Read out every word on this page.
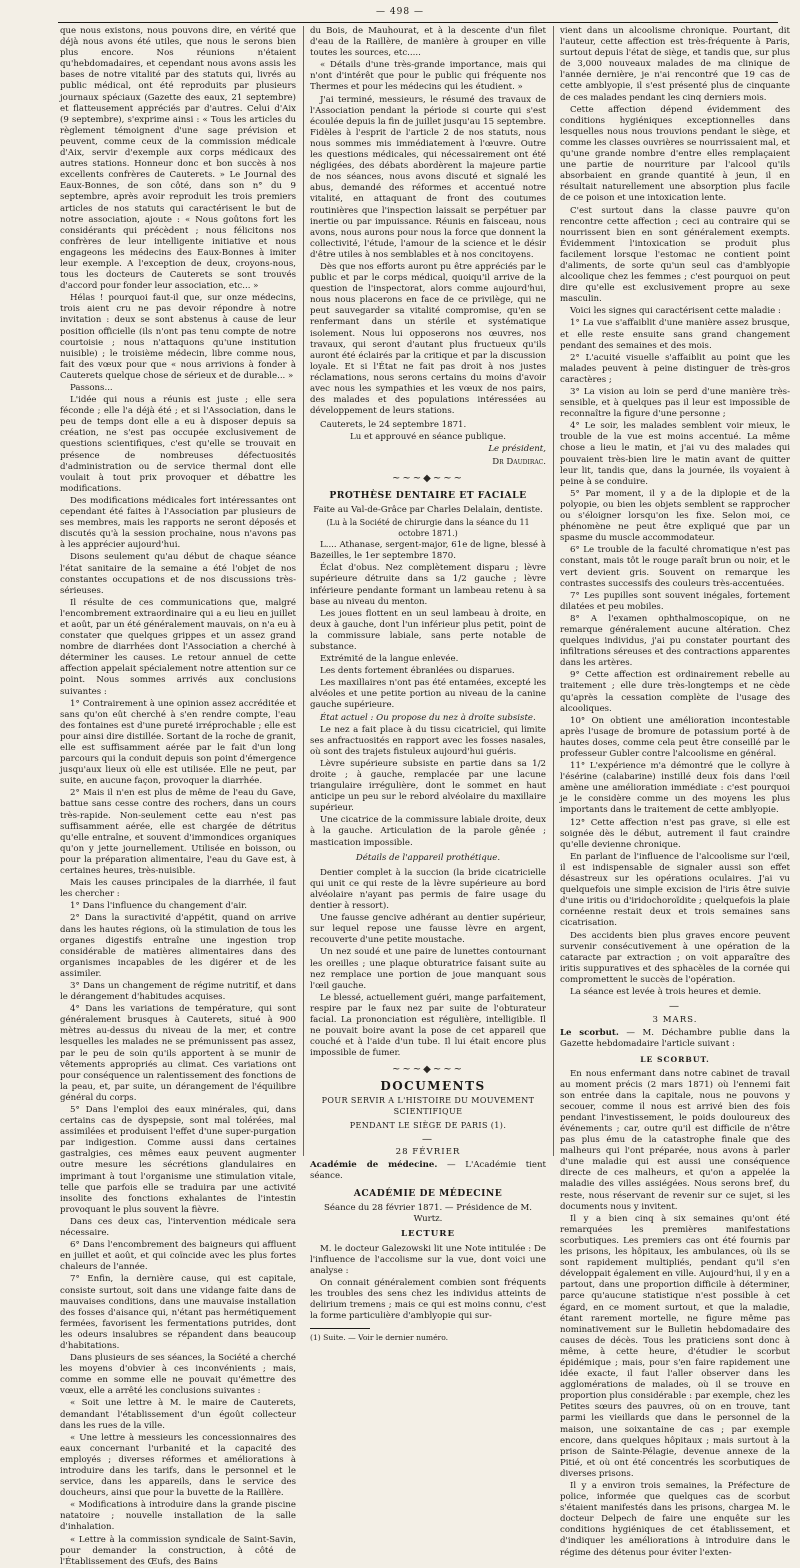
— 498 —

que nous existons, nous pouvons dire, en vérité que déjà nous avons été utiles, que nous le serons bien plus encore. Nos réunions n'étaient qu'hebdomadaires, et cependant nous avons assis les bases de notre vitalité par des statuts qui, livrés au public médical, ont été reproduits par plusieurs journaux spéciaux (Gazette des eaux, 21 septembre) et flatteusement appréciés par d'autres. Celui d'Aix (9 septembre), s'exprime ainsi : « Tous les articles du règlement témoignent d'une sage prévision et peuvent, comme ceux de la commission médicale d'Aix, servir d'exemple aux corps médicaux des autres stations. Honneur donc et bon succès à nos excellents confrères de Cauterets. » Le Journal des Eaux-Bonnes, de son côté, dans son n° du 9 septembre, après avoir reproduit les trois premiers articles de nos statuts qui caractérisent le but de notre association, ajoute : « Nous goûtons fort les considérants qui précèdent ; nous félicitons nos confrères de leur intelligente initiative et nous engageons les médecins des Eaux-Bonnes à imiter leur exemple. A l'exception de deux, croyons-nous, tous les docteurs de Cauterets se sont trouvés d'accord pour fonder leur association, etc... »

Hélas ! pourquoi faut-il que, sur onze médecins, trois aient cru ne pas devoir répondre à notre invitation : deux se sont abstenus à cause de leur position officielle (ils n'ont pas tenu compte de notre courtoisie ; nous n'attaquons qu'une institution nuisible) ; le troisième médecin, libre comme nous, fait des vœux pour que « nous arrivions à fonder à Cauterets quelque chose de sérieux et de durable... »

Passons...

L'idée qui nous a réunis est juste ; elle sera féconde ; elle l'a déjà été ; et si l'Association, dans le peu de temps dont elle a eu à disposer depuis sa création, ne s'est pas occupée exclusivement de questions scientifiques, c'est qu'elle se trouvait en présence de nombreuses défectuosités d'administration ou de service thermal dont elle voulait à tout prix provoquer et débattre les modifications.

Des modifications médicales fort intéressantes ont cependant été faites à l'Association par plusieurs de ses membres, mais les rapports ne seront déposés et discutés qu'à la session prochaine, nous n'avons pas à les apprécier aujourd'hui.

Disons seulement qu'au début de chaque séance l'état sanitaire de la semaine a été l'objet de nos constantes occupations et de nos discussions très-sérieuses.

Il résulte de ces communications que, malgré l'encombrement extraordinaire qui a eu lieu en juillet et août, par un été généralement mauvais, on n'a eu à constater que quelques grippes et un assez grand nombre de diarrhées dont l'Association a cherché à déterminer les causes. Le retour annuel de cette affection appelait spécialement notre attention sur ce point. Nous sommes arrivés aux conclusions suivantes :

1° Contrairement à une opinion assez accréditée et sans qu'on eût cherché à s'en rendre compte, l'eau des fontaines est d'une pureté irréprochable ; elle est pour ainsi dire distillée. Sortant de la roche de granit, elle est suffisamment aérée par le fait d'un long parcours qui la conduit depuis son point d'émergence jusqu'aux lieux où elle est utilisée. Elle ne peut, par suite, en aucune façon, provoquer la diarrhée.

2° Mais il n'en est plus de même de l'eau du Gave, battue sans cesse contre des rochers, dans un cours très-rapide. Non-seulement cette eau n'est pas suffisamment aérée, elle est chargée de détritus qu'elle entraîne, et souvent d'immondices organiques qu'on y jette journellement. Utilisée en boisson, ou pour la préparation alimentaire, l'eau du Gave est, à certaines heures, très-nuisible.

Mais les causes principales de la diarrhée, il faut les chercher :

1° Dans l'influence du changement d'air.

2° Dans la suractivité d'appétit, quand on arrive dans les hautes régions, où la stimulation de tous les organes digestifs entraîne une ingestion trop considérable de matières alimentaires dans des organismes incapables de les digérer et de les assimiler.

3° Dans un changement de régime nutritif, et dans le dérangement d'habitudes acquises.

4° Dans les variations de température, qui sont généralement brusques à Cauterets, situé à 900 mètres au-dessus du niveau de la mer, et contre lesquelles les malades ne se prémunissent pas assez, par le peu de soin qu'ils apportent à se munir de vêtements appropriés au climat. Ces variations ont pour conséquence un ralentissement des fonctions de la peau, et, par suite, un dérangement de l'équilibre général du corps.

5° Dans l'emploi des eaux minérales, qui, dans certains cas de dyspepsie, sont mal tolérées, mal assimilées et produisent l'effet d'une super-purgation par indigestion. Comme aussi dans certaines gastralgies, ces mêmes eaux peuvent augmenter outre mesure les sécrétions glandulaires en imprimant à tout l'organisme une stimulation vitale, telle que parfois elle se traduira par une activité insolite des fonctions exhalantes de l'intestin provoquant le plus souvent la fièvre.

Dans ces deux cas, l'intervention médicale sera nécessaire.

6° Dans l'encombrement des baigneurs qui affluent en juillet et août, et qui coïncide avec les plus fortes chaleurs de l'année.

7° Enfin, la dernière cause, qui est capitale, consiste surtout, soit dans une vidange faite dans de mauvaises conditions, dans une mauvaise installation des fosses d'aisance qui, n'étant pas hermétiquement fermées, favorisent les fermentations putrides, dont les odeurs insalubres se répandent dans beaucoup d'habitations.

Dans plusieurs de ses séances, la Société a cherché les moyens d'obvier à ces inconvénients ; mais, comme en somme elle ne pouvait qu'émettre des vœux, elle a arrêté les conclusions suivantes :

« Soit une lettre à M. le maire de Cauterets, demandant l'établissement d'un égoût collecteur dans les rues de la ville.

« Une lettre à messieurs les concessionnaires des eaux concernant l'urbanité et la capacité des employés ; diverses réformes et améliorations à introduire dans les tarifs, dans le personnel et le service, dans les appareils, dans le service des doucheurs, ainsi que pour la buvette de la Raillère.

« Modifications à introduire dans la grande piscine natatoire ; nouvelle installation de la salle d'inhalation.

« Lettre à la commission syndicale de Saint-Savin, pour demander la construction, à côté de l'Établissement des Œufs, des Bains

du Bois, de Mauhourat, et à la descente d'un filet d'eau de la Raillère, de manière à grouper en ville toutes les sources, etc.....

« Détails d'une très-grande importance, mais qui n'ont d'intérêt que pour le public qui fréquente nos Thermes et pour les médecins qui les étudient. »

J'ai terminé, messieurs, le résumé des travaux de l'Association pendant la période si courte qui s'est écoulée depuis la fin de juillet jusqu'au 15 septembre. Fidèles à l'esprit de l'article 2 de nos statuts, nous nous sommes mis immédiatement à l'œuvre. Outre les questions médicales, qui nécessairement ont été négligées, des débats abordèrent la majeure partie de nos séances, nous avons discuté et signalé les abus, demandé des réformes et accentué notre vitalité, en attaquant de front des coutumes routinières que l'inspection laissait se perpétuer par inertie ou par impuissance. Réunis en faisceau, nous avons, nous aurons pour nous la force que donnent la collectivité, l'étude, l'amour de la science et le désir d'être utiles à nos semblables et à nos concitoyens.

Dès que nos efforts auront pu être appréciés par le public et par le corps médical, quoiqu'il arrive de la question de l'inspectorat, alors comme aujourd'hui, nous nous placerons en face de ce privilège, qui ne peut sauvegarder sa vitalité compromise, qu'en se renfermant dans un stérile et systématique isolement. Nous lui opposerons nos œuvres, nos travaux, qui seront d'autant plus fructueux qu'ils auront été éclairés par la critique et par la discussion loyale. Et si l'État ne fait pas droit à nos justes réclamations, nous serons certains du moins d'avoir avec nous les sympathies et les vœux de nos pairs, des malades et des populations intéressées au développement de leurs stations.

Cauterets, le 24 septembre 1871.

Lu et approuvé en séance publique.

Le président,

Dr Daudirac.

~~~◆~~~

PROTHÈSE DENTAIRE ET FACIALE

Faite au Val-de-Grâce par Charles Delalain, dentiste.

(Lu à la Société de chirurgie dans la séance du 11 octobre 1871.)

L.... Athanase, sergent-major, 61e de ligne, blessé à Bazeilles, le 1er septembre 1870.

Éclat d'obus. Nez complètement disparu ; lèvre supérieure détruite dans sa 1/2 gauche ; lèvre inférieure pendante formant un lambeau retenu à sa base au niveau du menton.

Les joues flottent en un seul lambeau à droite, en deux à gauche, dont l'un inférieur plus petit, point de la commissure labiale, sans perte notable de substance.

Extrémité de la langue enlevée.

Les dents fortement ébranlées ou disparues.

Les maxillaires n'ont pas été entamées, excepté les alvéoles et une petite portion au niveau de la canine gauche supérieure.

État actuel : Ou propose du nez à droite subsiste.

Le nez a fait place à du tissu cicatriciel, qui limite ses anfractuosités en rapport avec les fosses nasales, où sont des trajets fistuleux aujourd'hui guéris.

Lèvre supérieure subsiste en partie dans sa 1/2 droite ; à gauche, remplacée par une lacune triangulaire irrégulière, dont le sommet en haut anticipe un peu sur le rebord alvéolaire du maxillaire supérieur.

Une cicatrice de la commissure labiale droite, deux à la gauche. Articulation de la parole gênée ; mastication impossible.

Détails de l'appareil prothétique.

Dentier complet à la succion (la bride cicatricielle qui unit ce qui reste de la lèvre supérieure au bord alvéolaire n'ayant pas permis de faire usage du dentier à ressort).

Une fausse gencive adhérant au dentier supérieur, sur lequel repose une fausse lèvre en argent, recouverte d'une petite moustache.

Un nez soudé et une paire de lunettes contournant les oreilles ; une plaque obturatrice faisant suite au nez remplace une portion de joue manquant sous l'œil gauche.

Le blessé, actuellement guéri, mange parfaitement, respire par le faux nez par suite de l'obturateur facial. La prononciation est régulière, intelligible. Il ne pouvait boire avant la pose de cet appareil que couché et à l'aide d'un tube. Il lui était encore plus impossible de fumer.

~~~◆~~~

DOCUMENTS

POUR SERVIR A L'HISTOIRE DU MOUVEMENT SCIENTIFIQUE

PENDANT LE SIÈGE DE PARIS (1).

—

28 FÉVRIER

Académie de médecine. — L'Académie tient séance.

ACADÉMIE DE MÉDECINE

Séance du 28 février 1871. — Présidence de M. Wurtz.

LECTURE

M. le docteur Galezowski lit une Note intitulée : De l'influence de l'accolisme sur la vue, dont voici une analyse :

On connait généralement combien sont fréquents les troubles des sens chez les individus atteints de delirium tremens ; mais ce qui est moins connu, c'est la forme particulière d'amblyopie qui sur-

(1) Suite. — Voir le dernier numéro.

vient dans un alcoolisme chronique. Pourtant, dit l'auteur, cette affection est très-fréquente à Paris, surtout depuis l'état de siège, et tandis que, sur plus de 3,000 nouveaux malades de ma clinique de l'année dernière, je n'ai rencontré que 19 cas de cette amblyopie, il s'est présenté plus de cinquante de ces malades pendant les cinq derniers mois.

Cette affection dépend évidemment des conditions hygiéniques exceptionnelles dans lesquelles nous nous trouvions pendant le siège, et comme les classes ouvrières se nourrissaient mal, et qu'une grande nombre d'entre elles remplaçaient une partie de nourriture par l'alcool qu'ils absorbaient en grande quantité à jeun, il en résultait naturellement une absorption plus facile de ce poison et une intoxication lente.

C'est surtout dans la classe pauvre qu'on rencontre cette affection ; ceci au contraire qui se nourrissent bien en sont généralement exempts. Évidemment l'intoxication se produit plus facilement lorsque l'estomac ne contient point d'aliments, de sorte qu'un seul cas d'amblyopie alcoolique chez les femmes ; c'est pourquoi on peut dire qu'elle est exclusivement propre au sexe masculin.

Voici les signes qui caractérisent cette maladie :

1° La vue s'affaiblit d'une manière assez brusque, et elle reste ensuite sans grand changement pendant des semaines et des mois.

2° L'acuité visuelle s'affaiblit au point que les malades peuvent à peine distinguer de très-gros caractères ;

3° La vision au loin se perd d'une manière très-sensible, et à quelques pas il leur est impossible de reconnaître la figure d'une personne ;

4° Le soir, les malades semblent voir mieux, le trouble de la vue est moins accentué. La même chose a lieu le matin, et j'ai vu des malades qui pouvaient très-bien lire le matin avant de quitter leur lit, tandis que, dans la journée, ils voyaient à peine à se conduire.

5° Par moment, il y a de la diplopie et de la polyopie, ou bien les objets semblent se rapprocher ou s'éloigner lorsqu'on les fixe. Selon moi, ce phénomène ne peut être expliqué que par un spasme du muscle accommodateur.

6° Le trouble de la faculté chromatique n'est pas constant, mais tôt le rouge paraît brun ou noir, et le vert devient gris. Souvent on remarque les contrastes successifs des couleurs très-accentuées.

7° Les pupilles sont souvent inégales, fortement dilatées et peu mobiles.

8° A l'examen ophthalmoscopique, on ne remarque généralement aucune altération. Chez quelques individus, j'ai pu constater pourtant des infiltrations séreuses et des contractions apparentes dans les artères.

9° Cette affection est ordinairement rebelle au traitement ; elle dure très-longtemps et ne cède qu'après la cessation complète de l'usage des alcooliques.

10° On obtient une amélioration incontestable après l'usage de bromure de potassium porté à de hautes doses, comme cela peut être conseillé par le professeur Gubler contre l'alcoolisme en général.

11° L'expérience m'a démontré que le collyre à l'ésérine (calabarine) instillé deux fois dans l'œil amène une amélioration immédiate : c'est pourquoi je le considère comme un des moyens les plus importants dans le traitement de cette amblyopie.

12° Cette affection n'est pas grave, si elle est soignée dès le début, autrement il faut craindre qu'elle devienne chronique.

En parlant de l'influence de l'alcoolisme sur l'œil, il est indispensable de signaler aussi son effet désastreux sur les opérations oculaires. J'ai vu quelquefois une simple excision de l'iris être suivie d'une iritis ou d'iridochoroïdite ; quelquefois la plaie cornéenne restait deux et trois semaines sans cicatrisation.

Des accidents bien plus graves encore peuvent survenir consécutivement à une opération de la cataracte par extraction ; on voit apparaître des iritis suppuratives et des sphacèles de la cornée qui compromettent le succès de l'opération.

La séance est levée à trois heures et demie.

—

3 MARS.

Le scorbut. — M. Déchambre publie dans la Gazette hebdomadaire l'article suivant :

LE SCORBUT.

En nous enfermant dans notre cabinet de travail au moment précis (2 mars 1871) où l'ennemi fait son entrée dans la capitale, nous ne pouvons y secouer, comme il nous est arrivé bien des fois pendant l'investissement, le poids douloureux des événements ; car, outre qu'il est difficile de n'être pas plus ému de la catastrophe finale que des malheurs qui l'ont préparée, nous avons à parler d'une maladie qui est aussi une conséquence directe de ces malheurs, et qu'on a appelée la maladie des villes assiégées. Nous serons bref, du reste, nous réservant de revenir sur ce sujet, si les documents nous y invitent.

Il y a bien cinq à six semaines qu'ont été remarquées les premières manifestations scorbutiques. Les premiers cas ont été fournis par les prisons, les hôpitaux, les ambulances, où ils se sont rapidement multipliés, pendant qu'il s'en développait également en ville. Aujourd'hui, il y en a partout, dans une proportion difficile à déterminer, parce qu'aucune statistique n'est possible à cet égard, en ce moment surtout, et que la maladie, étant rarement mortelle, ne figure même pas nominativement sur le Bulletin hebdomadaire des causes de décès. Tous les praticiens sont donc à même, à cette heure, d'étudier le scorbut épidémique ; mais, pour s'en faire rapidement une idée exacte, il faut l'aller observer dans les agglomérations de malades, où il se trouve en proportion plus considérable : par exemple, chez les Petites sœurs des pauvres, où on en trouve, tant parmi les vieillards que dans le personnel de la maison, une soixantaine de cas ; par exemple encore, dans quelques hôpitaux ; mais surtout à la prison de Sainte-Pélagie, devenue annexe de la Pitié, et où ont été concentrés les scorbutiques de diverses prisons.

Il y a environ trois semaines, la Préfecture de police, informée que quelques cas de scorbut s'étaient manifestés dans les prisons, chargea M. le docteur Delpech de faire une enquête sur les conditions hygiéniques de cet établissement, et d'indiquer les améliorations à introduire dans le régime des détenus pour éviter l'exten-
